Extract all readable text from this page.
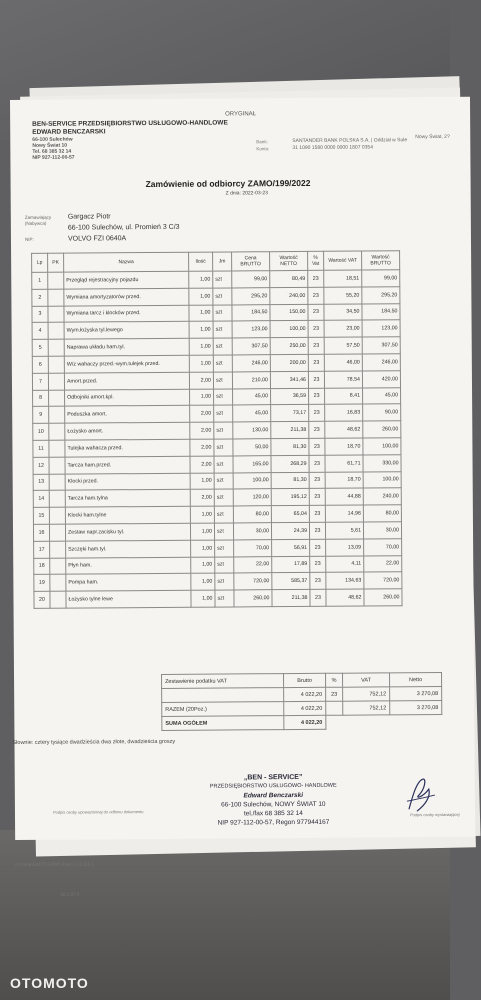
ORYGINAŁ
BEN-SERVICE PRZEDSIĘBIORSTWO USŁUGOWO-HANDLOWE
EDWARD BENCZARSKI
66-100 Sulechów
Nowy Świat 10
Tel. 68 385 32 14
NIP 927-112-00-57
Bank:
Konto:
SANTANDER BANK POLSKA S.A. | Oddział w Sule
31 1090 1580 0000 0000 1807 0354
Nowy Świat, 2?
Zamówienie od odbiorcy ZAMO/199/2022
Z dnia: 2022-03-23
Zamawiający
(Nabywca)
NIP:
Gargacz Piotr
66-100 Sulechów, ul. Promień 3 C/3
VOLVO FZI 0640A
Lp	PK	Nazwa	Ilość	Jm	Cena BRUTTO	Wartość NETTO	% Vat	Wartość VAT	Wartość BRUTTO
1		Przegląd rejestracyjny pojazdu	1,00	szt	99,00	80,49	23	18,51	99,00
2		Wymiana amortyzatorów przed.	1,00	szt	295,20	240,00	23	55,20	295,20
3		Wymiana tarcz i klocków przed.	1,00	szt	184,50	150,00	23	34,50	184,50
4		Wym.łożyska tyl.lewego	1,00	szt	123,00	100,00	23	23,00	123,00
5		Naprawa układu ham.tyl.	1,00	szt	307,50	250,00	23	57,50	307,50
6		W/z wahaczy przed.-wym.tulejek przed.	1,00	szt	246,00	200,00	23	46,00	246,00
7		Amort.przed.	2,00	szt	210,00	341,46	23	78,54	420,00
8		Odbojniki amort.kpl.	1,00	szt	45,00	36,59	23	8,41	45,00
9		Poduszka amort.	2,00	szt	45,00	73,17	23	16,83	90,00
10		Łożysko amort.	2,00	szt	130,00	211,38	23	48,62	260,00
11		Tulejka wahacza przed.	2,00	szt	50,00	81,30	23	18,70	100,00
12		Tarcza ham.przed.	2,00	szt	165,00	268,29	23	61,71	330,00
13		Klocki przed.	1,00	szt	100,00	81,30	23	18,70	100,00
14		Tarcza ham.tylna	2,00	szt	120,00	195,12	23	44,88	240,00
15		Klocki ham.tylne	1,00	szt	80,00	65,04	23	14,96	80,00
16		Zestaw napr.zacisku tyl.	1,00	szt	30,00	24,39	23	5,61	30,00
17		Szczęki ham.tyl.	1,00	szt	70,00	56,91	23	13,09	70,00
18		Płyn ham.	1,00	szt	22,00	17,89	23	4,11	22,00
19		Pompa ham.	1,00	szt	720,00	585,37	23	134,63	720,00
20		Łożysko tylne lewe	1,00	szt	260,00	211,38	23	48,62	260,00
Zestawienie podatku VAT	Brutto	%	VAT	Netto
	4 022,20	23	752,12	3 270,08
RAZEM (20Poz.)	4 022,20		752,12	3 270,08
SUMA OGÓŁEM	4 022,20			
Słownie: cztery tysiące dwadzieścia dwa złote, dwadzieścia groszy
„BEN - SERVICE”
PRZEDSIĘBIORSTWO USŁUGOWO- HANDLOWE
Edward Benczarski
66-100 Sulechów, NOWY ŚWIAT 10
tel./fax 68 385 32 14
NIP 927-112-00-57, Regon 977944167
Podpis osoby upoważnionej do odbioru dokumentu	Podpis osoby wystawiającej
(c) Stransoft PCSIZMS Ewa v.3.1.111.1
52.1.97.0
OTOMOTO
